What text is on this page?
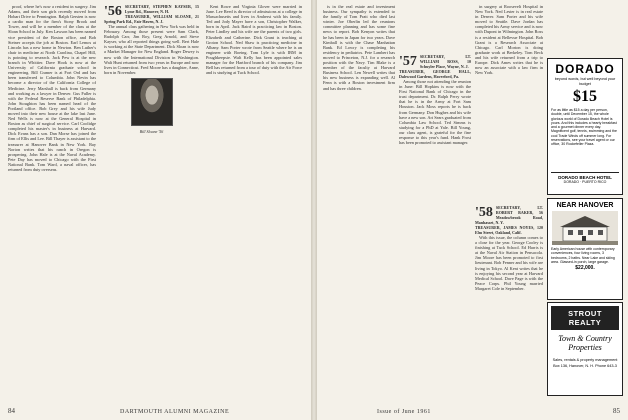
proof, where he's now a resident in surgery. Jim Adams, and their son girls recently moved from Hobart Drive to Pennington. Ralph Gersten is now a cardio man for the firm's Stony Brook and Tower, and will be a member of the class at the Sloan School in July. Ken Lawson has been named vice president of the Boston office, and Bob Steiner accepts the job at Boston. Earl Lemos at Lincoln has a new home in Newton. Ben Luther's chair in medicine at North Carolina, Chapel Hill, is pointing to research. Jack Pew is at the new branch in Whittier. Dave Hook is now at the University of California graduate school in engineering. Bill Cramer is at Fort Ord and has been transferred to Columbia. John Nevin has become a director of the California College of Medicine. Jerry Marshall is back from Germany and working as a lawyer in Denver. Gus Fuller is with the Federal Reserve Bank of Philadelphia. John Stoughton has been named head of the Portland office. Bob Grey and his wife Judy moved into their new house at the lake last June. Ned Wells is now at the General Hospital in Boston as chief of surgical service. Carl Coolidge completed his master's in business at Harvard. Dick Evans has a son. Dan Morse has joined the firm of Ellis and Lee. Bill Thayer is assistant to the treasurer at Hanover Bank in New York. Ray Norton writes that his ranch in Oregon is prospering. John Hale is at the Naval Academy. Pete Day has moved to Chicago with the First National Bank. Tom Ward, a naval officer, has returned from duty overseas.

'56 SECRETARY, STEPHEN KAYSER, 15 Lyme Rd., Hanover, N. H.
TREASURER, WILLIAM SLOANE, 21 Spring Park Rd., Fair Haven, N. J.

The annual class gathering in New York was held in February. Among those present were Sam Clark, Rudolph Carr, Jim Roy, Greg Arnold, and Steve Kayser, who all reported things going well. Bert Hale is working at the State Department. Dick Sloan is now a Market Manager for New England. Roger Dewey is now with the International Division in Washington. Walt Hunt returned from two years in Europe and now lives in Connecticut. Fred Moore has a daughter, Anne, born in November.

Bill Sloane '56

Kent Rowe and Virginia Glover were married in June. Lee Reed is director of admissions at a college in Massachusetts and lives in Amherst with his family. Ted and Jody Mayer have a son, Christopher Walker, born in April. Jack Baird is practicing law in Boston. Peter Lindley and his wife are the parents of two girls. Elizabeth and Catherine. Dick Grant is teaching at Groton School. Ned Shaw is practicing medicine in Albany. Sam Porter wrote from Seattle where he is an engineer with Boeing. Tom Lyle is with IBM in Poughkeepsie. Walt Kelly has been appointed sales manager for the Hartford branch of his company. Jim Bell has returned from a tour of duty with the Air Force and is studying at Tuck School.

84	DARTMOUTH ALUMNI MAGAZINE

is in the real estate and investment business. Our sympathy is extended to the family of Tom Pratt who died last winter. Joe Oberlin led the reunions committee planning and has some fine news to report. Bob Kenyon writes that he has been in Japan for two years. Dave Kimball is with the Chase Manhattan Bank. Ed Lowry is completing his residency in pediatrics. Pete Lambert has moved to Princeton, N.J. for a research position with the Navy. Tim Blake is a member of the faculty at Harvard Business School. Len Newell writes that his new business is expanding well. Al Fenn is with a Boston investment firm and has three children.

'57 SECRETARY, LT. WILLIAM ROSS, 10 Schuyler Place, Wayne, N. J.
TREASURER, GEORGE HALL, Dalewood Gardens, Haverford, Pa.

Among those not attending the reunion in June: Bill Hopkins is now with the First National Bank of Chicago in the trust department. Dr. Ralph Perry wrote that he is in the Army at Fort Sam Houston. Jack Moss reports he is back from Germany. Don Hughes and his wife have a new son. Art Sears graduated from Columbia Law School. Ted Simms is studying for a PhD at Yale. Bill Young, our class agent, is grateful for the fine response to this year's fund. Hank Frost has been promoted to assistant manager.

in surgery at Roosevelt Hospital in New York. Ned Lester is in real estate in Denver. Sam Porter and his wife moved to Seattle. Dave Jordan has completed his Army service and is now with Dupont in Wilmington. John Ross is a resident at Bellevue Hospital. Bob Grant is a Research Associate at Chicago. Carl Morton is doing graduate work at Berkeley. Tom Beck and his wife returned from a trip to Europe. Dick Ames writes that he is now an associate with a law firm in New York.

'58 SECRETARY, LT. ROBERT BAKER, 56 Meadowbrook Road, Manhasset, N. Y.
TREASURER, JAMES NOYES, 120 Elm Street, Oakland, Calif.

With this issue, the column comes to a close for the year. George Cooley is finishing at Tuck School. Ed Harris is at the Naval Air Station in Pensacola. Jim Moore has been promoted to first lieutenant. Bob Fenner and his wife are living in Tokyo. Al Kent writes that he is enjoying his second year at Harvard Medical School. Dave Page is with the Peace Corps. Phil Young married Margaret Cole in September.

DORADO
beyond words, but well beyond your budget
$15
For as little as $15 a day per person, double, until December 15, the whole glorious world of Dorado Beach Hotel is yours. And this includes a hearty breakfast and a gourmet dinner every day. Magnificent golf, tennis, swimming and the cool Trade Winds off summer long. For reservations, see your travel agent or our office, 30 Rockefeller Plaza.
DORADO BEACH HOTEL
DORADO · PUERTO RICO
NEAR HANOVER
Early American house with contemporary conveniences, four living rooms, 3 bedrooms, 2 baths. Near Lake and skiing area. Glassed-in porch, large garage.
$22,000.
STROUT REALTY
Town & Country
Properties
Sales, rentals & property management
Box 136, Hanover, N. H. Phone 643-3
Issue of June 1961	85
